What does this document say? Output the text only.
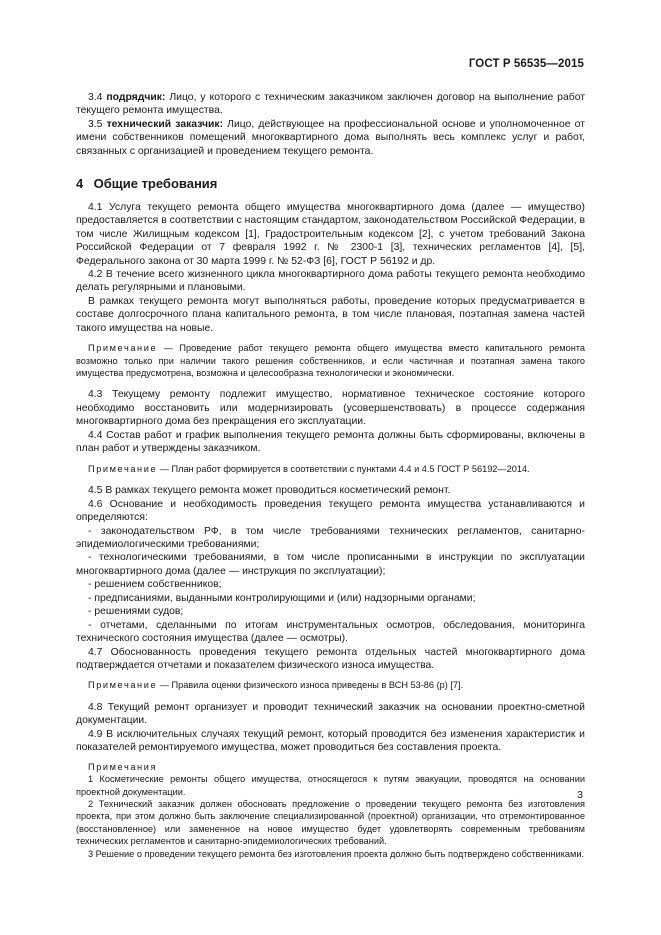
ГОСТ Р 56535—2015

3.4 подрядчик: Лицо, у которого с техническим заказчиком заключен договор на выполнение работ текущего ремонта имущества.

3.5 технический заказчик: Лицо, действующее на профессиональной основе и уполномоченное от имени собственников помещений многоквартирного дома выполнять весь комплекс услуг и работ, связанных с организацией и проведением текущего ремонта.

4 Общие требования

4.1 Услуга текущего ремонта общего имущества многоквартирного дома (далее — имущество) предоставляется в соответствии с настоящим стандартом, законодательством Российской Федерации, в том числе Жилищным кодексом [1], Градостроительным кодексом [2], с учетом требований Закона Российской Федерации от 7 февраля 1992 г. № 2300-1 [3], технических регламентов [4], [5], Федерального закона от 30 марта 1999 г. № 52-ФЗ [6], ГОСТ Р 56192 и др.

4.2 В течение всего жизненного цикла многоквартирного дома работы текущего ремонта необходимо делать регулярными и плановыми.

В рамках текущего ремонта могут выполняться работы, проведение которых предусматривается в составе долгосрочного плана капитального ремонта, в том числе плановая, поэтапная замена частей такого имущества на новые.

Примечание — Проведение работ текущего ремонта общего имущества вместо капитального ремонта возможно только при наличии такого решения собственников, и если частичная и поэтапная замена такого имущества предусмотрена, возможна и целесообразна технологически и экономически.

4.3 Текущему ремонту подлежит имущество, нормативное техническое состояние которого необходимо восстановить или модернизировать (усовершенствовать) в процессе содержания многоквартирного дома без прекращения его эксплуатации.

4.4 Состав работ и график выполнения текущего ремонта должны быть сформированы, включены в план работ и утверждены заказчиком.

Примечание — План работ формируется в соответствии с пунктами 4.4 и 4.5 ГОСТ Р 56192—2014.

4.5 В рамках текущего ремонта может проводиться косметический ремонт.

4.6 Основание и необходимость проведения текущего ремонта имущества устанавливаются и определяются:

- законодательством РФ, в том числе требованиями технических регламентов, санитарно-эпидемиологическими требованиями;

- технологическими требованиями, в том числе прописанными в инструкции по эксплуатации многоквартирного дома (далее — инструкция по эксплуатации);

- решением собственников;

- предписаниями, выданными контролирующими и (или) надзорными органами;

- решениями судов;

- отчетами, сделанными по итогам инструментальных осмотров, обследования, мониторинга технического состояния имущества (далее — осмотры).

4.7 Обоснованность проведения текущего ремонта отдельных частей многоквартирного дома подтверждается отчетами и показателем физического износа имущества.

Примечание — Правила оценки физического износа приведены в ВСН 53-86 (р) [7].

4.8 Текущий ремонт организует и проводит технический заказчик на основании проектно-сметной документации.

4.9 В исключительных случаях текущий ремонт, который проводится без изменения характеристик и показателей ремонтируемого имущества, может проводиться без составления проекта.

Примечания

1 Косметические ремонты общего имущества, относящегося к путям эвакуации, проводятся на основании проектной документации.

2 Технический заказчик должен обосновать предложение о проведении текущего ремонта без изготовления проекта, при этом должно быть заключение специализированной (проектной) организации, что отремонтированное (восстановленное) или замененное на новое имущество будет удовлетворять современным требованиям технических регламентов и санитарно-эпидемиологических требований.

3 Решение о проведении текущего ремонта без изготовления проекта должно быть подтверждено собственниками.

3
